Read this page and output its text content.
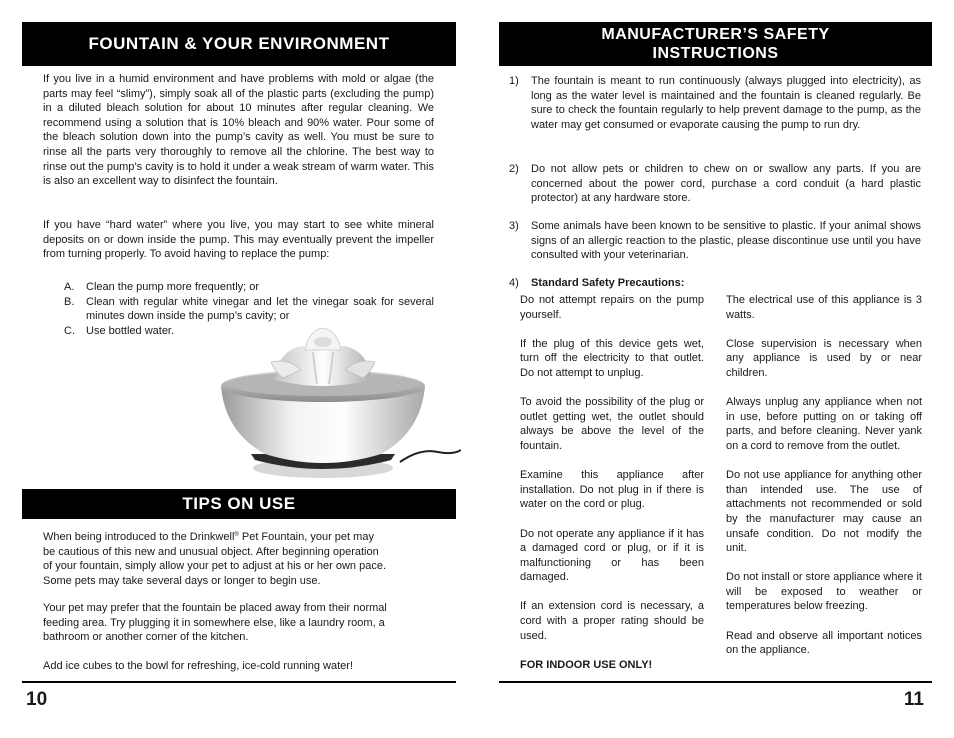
FOUNTAIN & YOUR ENVIRONMENT

If you live in a humid environment and have problems with mold or algae (the parts may feel “slimy”), simply soak all of the plastic parts (excluding the pump) in a diluted bleach solution for about 10 minutes after regular cleaning. We recommend using a solution that is 10% bleach and 90% water. Pour some of the bleach solution down into the pump’s cavity as well. You must be sure to rinse all the parts very thoroughly to remove all the chlorine. The best way to rinse out the pump’s cavity is to hold it under a weak stream of warm water. This is also an excellent way to disinfect the fountain.

If you have “hard water” where you live, you may start to see white mineral deposits on or down inside the pump. This may eventually prevent the impeller from turning properly. To avoid having to replace the pump:

A.	Clean the pump more frequently; or
B.	Clean with regular white vinegar and let the vinegar soak for several minutes down inside the pump’s cavity; or
C.	Use bottled water.
TIPS ON USE
When being introduced to the Drinkwell® Pet Fountain, your pet may
be cautious of this new and unusual object. After beginning operation
of your fountain, simply allow your pet to adjust at his or her own pace.
Some pets may take several days or longer to begin use.
Your pet may prefer that the fountain be placed away from their normal
feeding area. Try plugging it in somewhere else, like a laundry room, a
bathroom or another corner of the kitchen.
Add ice cubes to the bowl for refreshing, ice-cold running water!
10
MANUFACTURER’S SAFETY
INSTRUCTIONS
1)	The fountain is meant to run continuously (always plugged into electricity), as long as the water level is maintained and the fountain is cleaned regularly. Be sure to check the fountain regularly to help prevent damage to the pump, as the water may get consumed or evaporate causing the pump to run dry.
2)	Do not allow pets or children to chew on or swallow any parts. If you are concerned about the power cord, purchase a cord conduit (a hard plastic protector) at any hardware store.
3)	Some animals have been known to be sensitive to plastic. If your animal shows signs of an allergic reaction to the plastic, please discontinue use until you have consulted with your veterinarian.
4)	Standard Safety Precautions:

Do not attempt repairs on the pump yourself.

If the plug of this device gets wet, turn off the electricity to that outlet. Do not attempt to unplug.

To avoid the possibility of the plug or outlet getting wet, the outlet should always be above the level of the fountain.

Examine this appliance after installation. Do not plug in if there is water on the cord or plug.

Do not operate any appliance if it has a damaged cord or plug, or if it is malfunctioning or has been damaged.

If an extension cord is necessary, a cord with a proper rating should be used.

FOR INDOOR USE ONLY!

The electrical use of this appliance is 3 watts.

Close supervision is necessary when any appliance is used by or near children.

Always unplug any appliance when not in use, before putting on or taking off parts, and before cleaning. Never yank on a cord to remove from the outlet.

Do not use appliance for anything other than intended use. The use of attachments not recommended or sold by the manufacturer may cause an unsafe condition. Do not modify the unit.

Do not install or store appliance where it will be exposed to weather or temperatures below freezing.

Read and observe all important notices on the appliance.

11
